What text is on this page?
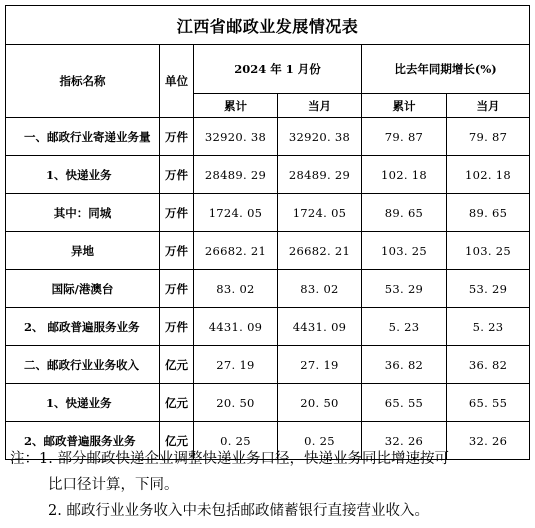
江西省邮政业发展情况表					
指标名称	单位	2024 年 1 月份		比去年同期增长(%)	
		累计	当月	累计	当月
一、邮政行业寄递业务量	万件	32920. 38	32920. 38	79. 87	79. 87
1、快递业务	万件	28489. 29	28489. 29	102. 18	102. 18
其中：同城	万件	1724. 05	1724. 05	89. 65	89. 65
异地	万件	26682. 21	26682. 21	103. 25	103. 25
国际/港澳台	万件	83. 02	83. 02	53. 29	53. 29
2、 邮政普遍服务业务	万件	4431. 09	4431. 09	5. 23	5. 23
二、邮政行业业务收入	亿元	27. 19	27. 19	36. 82	36. 82
1、快递业务	亿元	20. 50	20. 50	65. 55	65. 55
2、邮政普遍服务业务	亿元	0. 25	0. 25	32. 26	32. 26
注：1. 部分邮政快递企业调整快递业务口径，快递业务同比增速按可
比口径计算，下同。
2. 邮政行业业务收入中未包括邮政储蓄银行直接营业收入。
